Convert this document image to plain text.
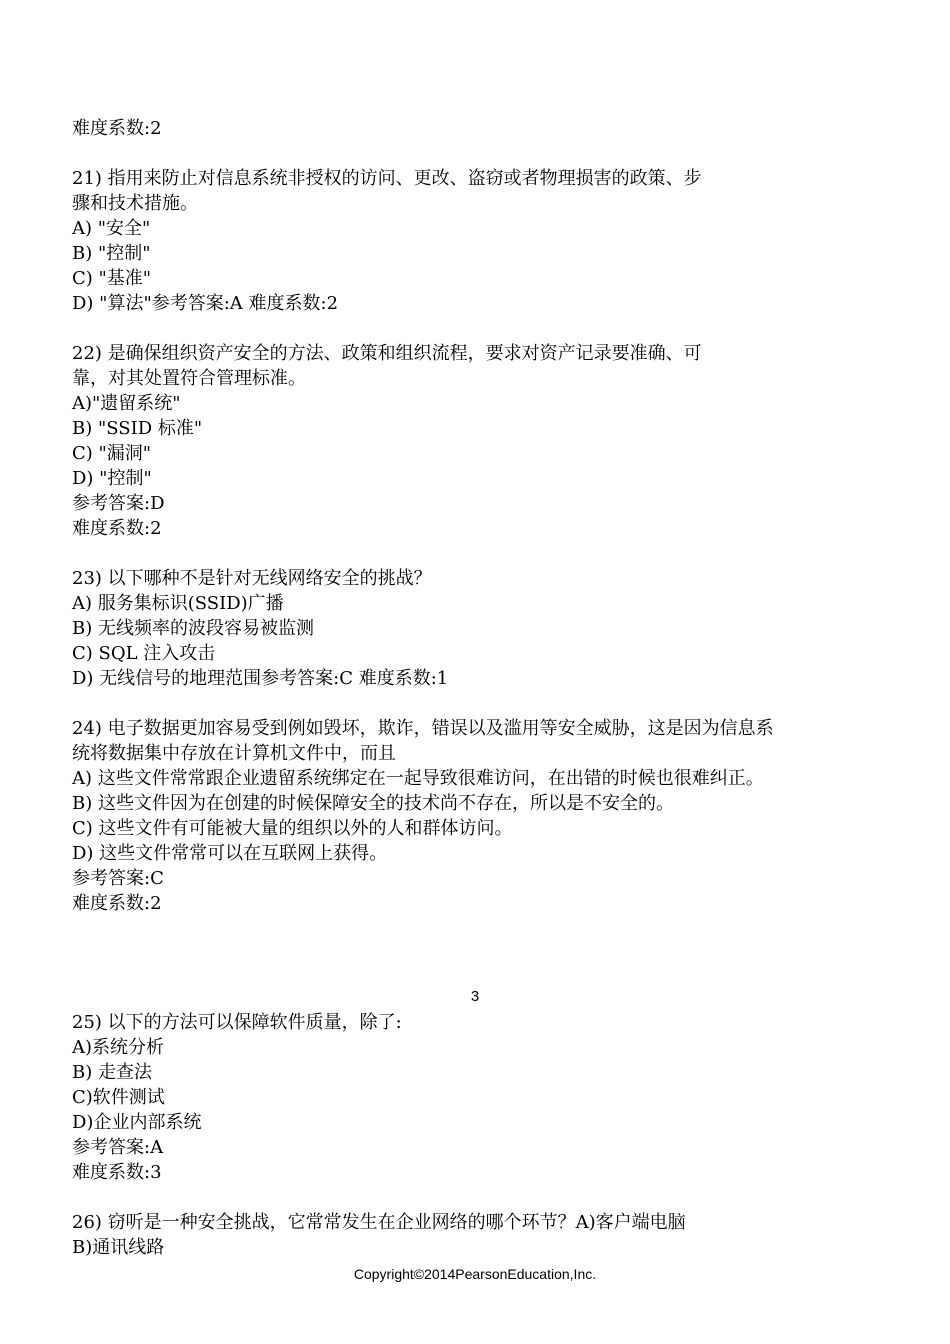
难度系数:2
21) 指用来防止对信息系统非授权的访问、更改、盗窃或者物理损害的政策、步
骤和技术措施。
A) "安全"
B) "控制"
C) "基准"
D) "算法"参考答案:A 难度系数:2
22) 是确保组织资产安全的方法、政策和组织流程，要求对资产记录要准确、可
靠，对其处置符合管理标准。
A)"遗留系统"
B) "SSID 标准"
C) "漏洞"
D) "控制"
参考答案:D
难度系数:2
23) 以下哪种不是针对无线网络安全的挑战？
A) 服务集标识(SSID)广播
B) 无线频率的波段容易被监测
C) SQL 注入攻击
D) 无线信号的地理范围参考答案:C 难度系数:1
24) 电子数据更加容易受到例如毁坏，欺诈，错误以及滥用等安全威胁，这是因为信息系
统将数据集中存放在计算机文件中，而且
A) 这些文件常常跟企业遗留系统绑定在一起导致很难访问，在出错的时候也很难纠正。
B) 这些文件因为在创建的时候保障安全的技术尚不存在，所以是不安全的。
C) 这些文件有可能被大量的组织以外的人和群体访问。
D) 这些文件常常可以在互联网上获得。
参考答案:C
难度系数:2
3
25) 以下的方法可以保障软件质量，除了:
A)系统分析
B) 走查法
C)软件测试
D)企业内部系统
参考答案:A
难度系数:3
26) 窃听是一种安全挑战，它常常发生在企业网络的哪个环节？A)客户端电脑
B)通讯线路
Copyright©2014PearsonEducation,Inc.
